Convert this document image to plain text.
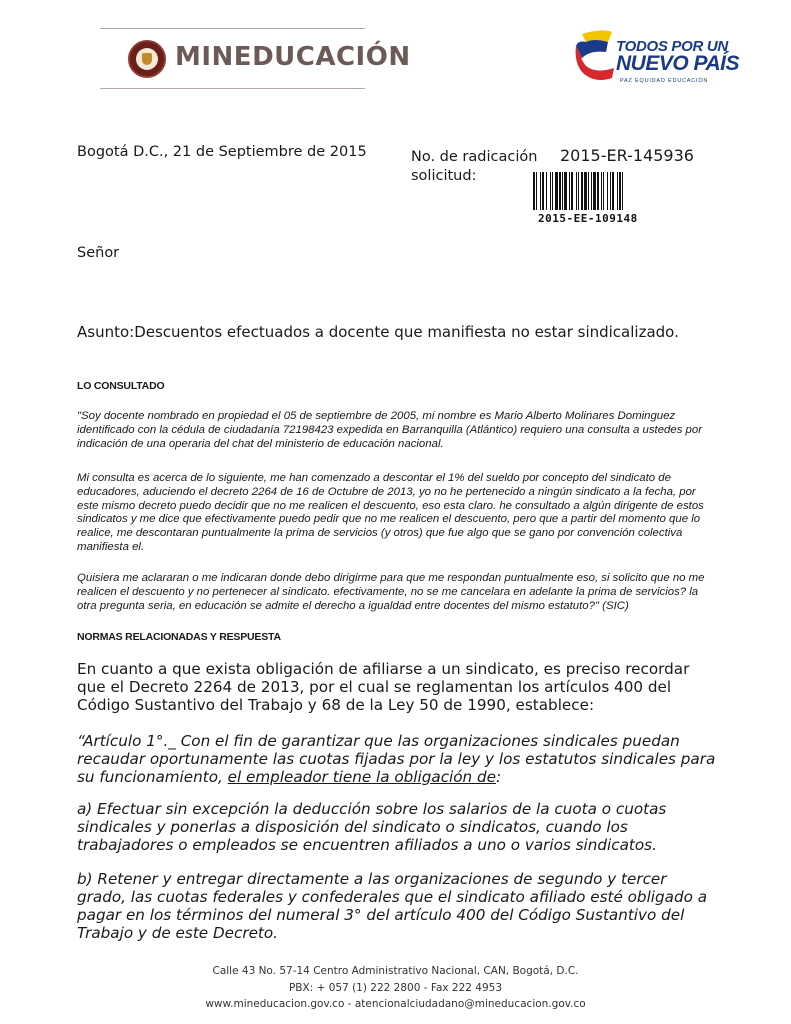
MINEDUCACIÓN	TODOS POR UN
NUEVO PAÍS
PAZ EQUIDAD EDUCACIÓN
Bogotá D.C., 21 de Septiembre de 2015	No. de radicación solicitud:
2015-ER-145936
2015-EE-109148
Señor
Asunto:Descuentos efectuados a docente que manifiesta no estar sindicalizado.
LO CONSULTADO

"Soy docente nombrado en propiedad el 05 de septiembre de 2005, mi nombre es Mario Alberto Molinares Dominguez identificado con la cédula de ciudadanía 72198423 expedida en Barranquilla (Atlántico) requiero una consulta a ustedes por indicación de una operaria del chat del ministerio de educación nacional.

Mi consulta es acerca de lo siguiente, me han comenzado a descontar el 1% del sueldo por concepto del sindicato de educadores, aduciendo el decreto 2264 de 16 de Octubre de 2013, yo no he pertenecido a ningún sindicato a la fecha, por este mismo decreto puedo decidir que no me realicen el descuento, eso esta claro. he consultado a algún dirigente de estos sindicatos y me dice que efectivamente puedo pedir que no me realicen el descuento, pero que a partir del momento que lo realice, me descontaran puntualmente la prima de servicios (y otros) que fue algo que se gano por convención colectiva manifiesta el.

Quisiera me aclararan o me indicaran donde debo dirigirme para que me respondan puntualmente eso, si solicito que no me realicen el descuento y no pertenecer al sindicato. efectivamente, no se me cancelara en adelante la prima de servicios? la otra pregunta seria, en educación se admite el derecho a igualdad entre docentes del mismo estatuto?" (SIC)

NORMAS RELACIONADAS Y RESPUESTA

En cuanto a que exista obligación de afiliarse a un sindicato, es preciso recordar que el Decreto 2264 de 2013, por el cual se reglamentan los artículos 400 del Código Sustantivo del Trabajo y 68 de la Ley 50 de 1990, establece:

“Artículo 1°._ Con el fin de garantizar que las organizaciones sindicales puedan recaudar oportunamente las cuotas fijadas por la ley y los estatutos sindicales para su funcionamiento, el empleador tiene la obligación de:

a) Efectuar sin excepción la deducción sobre los salarios de la cuota o cuotas sindicales y ponerlas a disposición del sindicato o sindicatos, cuando los trabajadores o empleados se encuentren afiliados a uno o varios sindicatos.

b) Retener y entregar directamente a las organizaciones de segundo y tercer grado, las cuotas federales y confederales que el sindicato afiliado esté obligado a pagar en los términos del numeral 3° del artículo 400 del Código Sustantivo del Trabajo y de este Decreto.

Calle 43 No. 57-14 Centro Administrativo Nacional, CAN, Bogotá, D.C.

PBX: + 057 (1) 222 2800 - Fax 222 4953

www.mineducacion.gov.co - atencionalciudadano@mineducacion.gov.co
